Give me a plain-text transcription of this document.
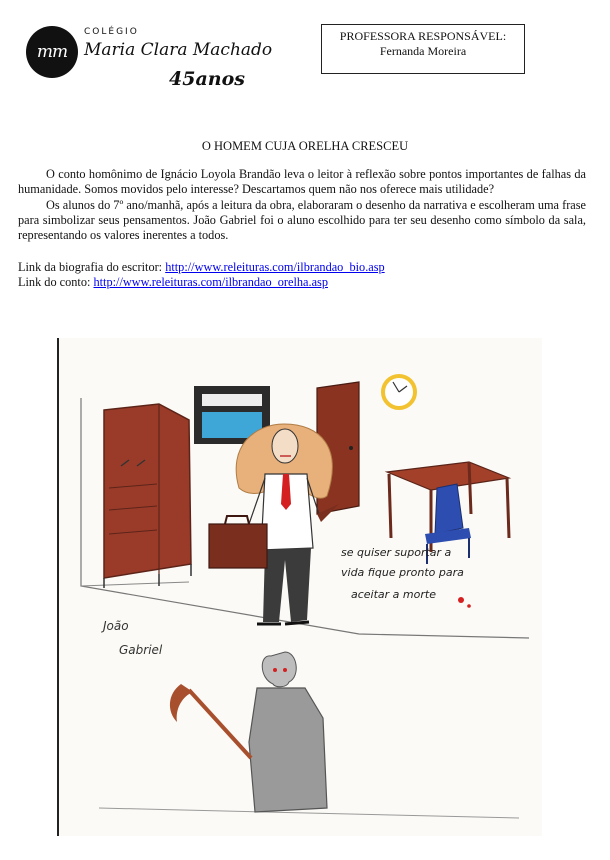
mm
COLÉGIO
Maria Clara Machado
45anos
PROFESSORA RESPONSÁVEL:
Fernanda Moreira
O HOMEM CUJA ORELHA CRESCEU

O conto homônimo de Ignácio Loyola Brandão leva o leitor à reflexão sobre pontos importantes de falhas da humanidade. Somos movidos pelo interesse? Descartamos quem não nos oferece mais utilidade?

Os alunos do 7º ano/manhã, após a leitura da obra, elaboraram o desenho da narrativa e escolheram uma frase para simbolizar seus pensamentos. João Gabriel foi o aluno escolhido para ter seu desenho como símbolo da sala, representando os valores inerentes a todos.

Link da biografia do escritor: http://www.releituras.com/ilbrandao_bio.asp
Link do conto: http://www.releituras.com/ilbrandao_orelha.asp
se quiser suportar a
vida fique pronto para
aceitar a morte
João
Gabriel
